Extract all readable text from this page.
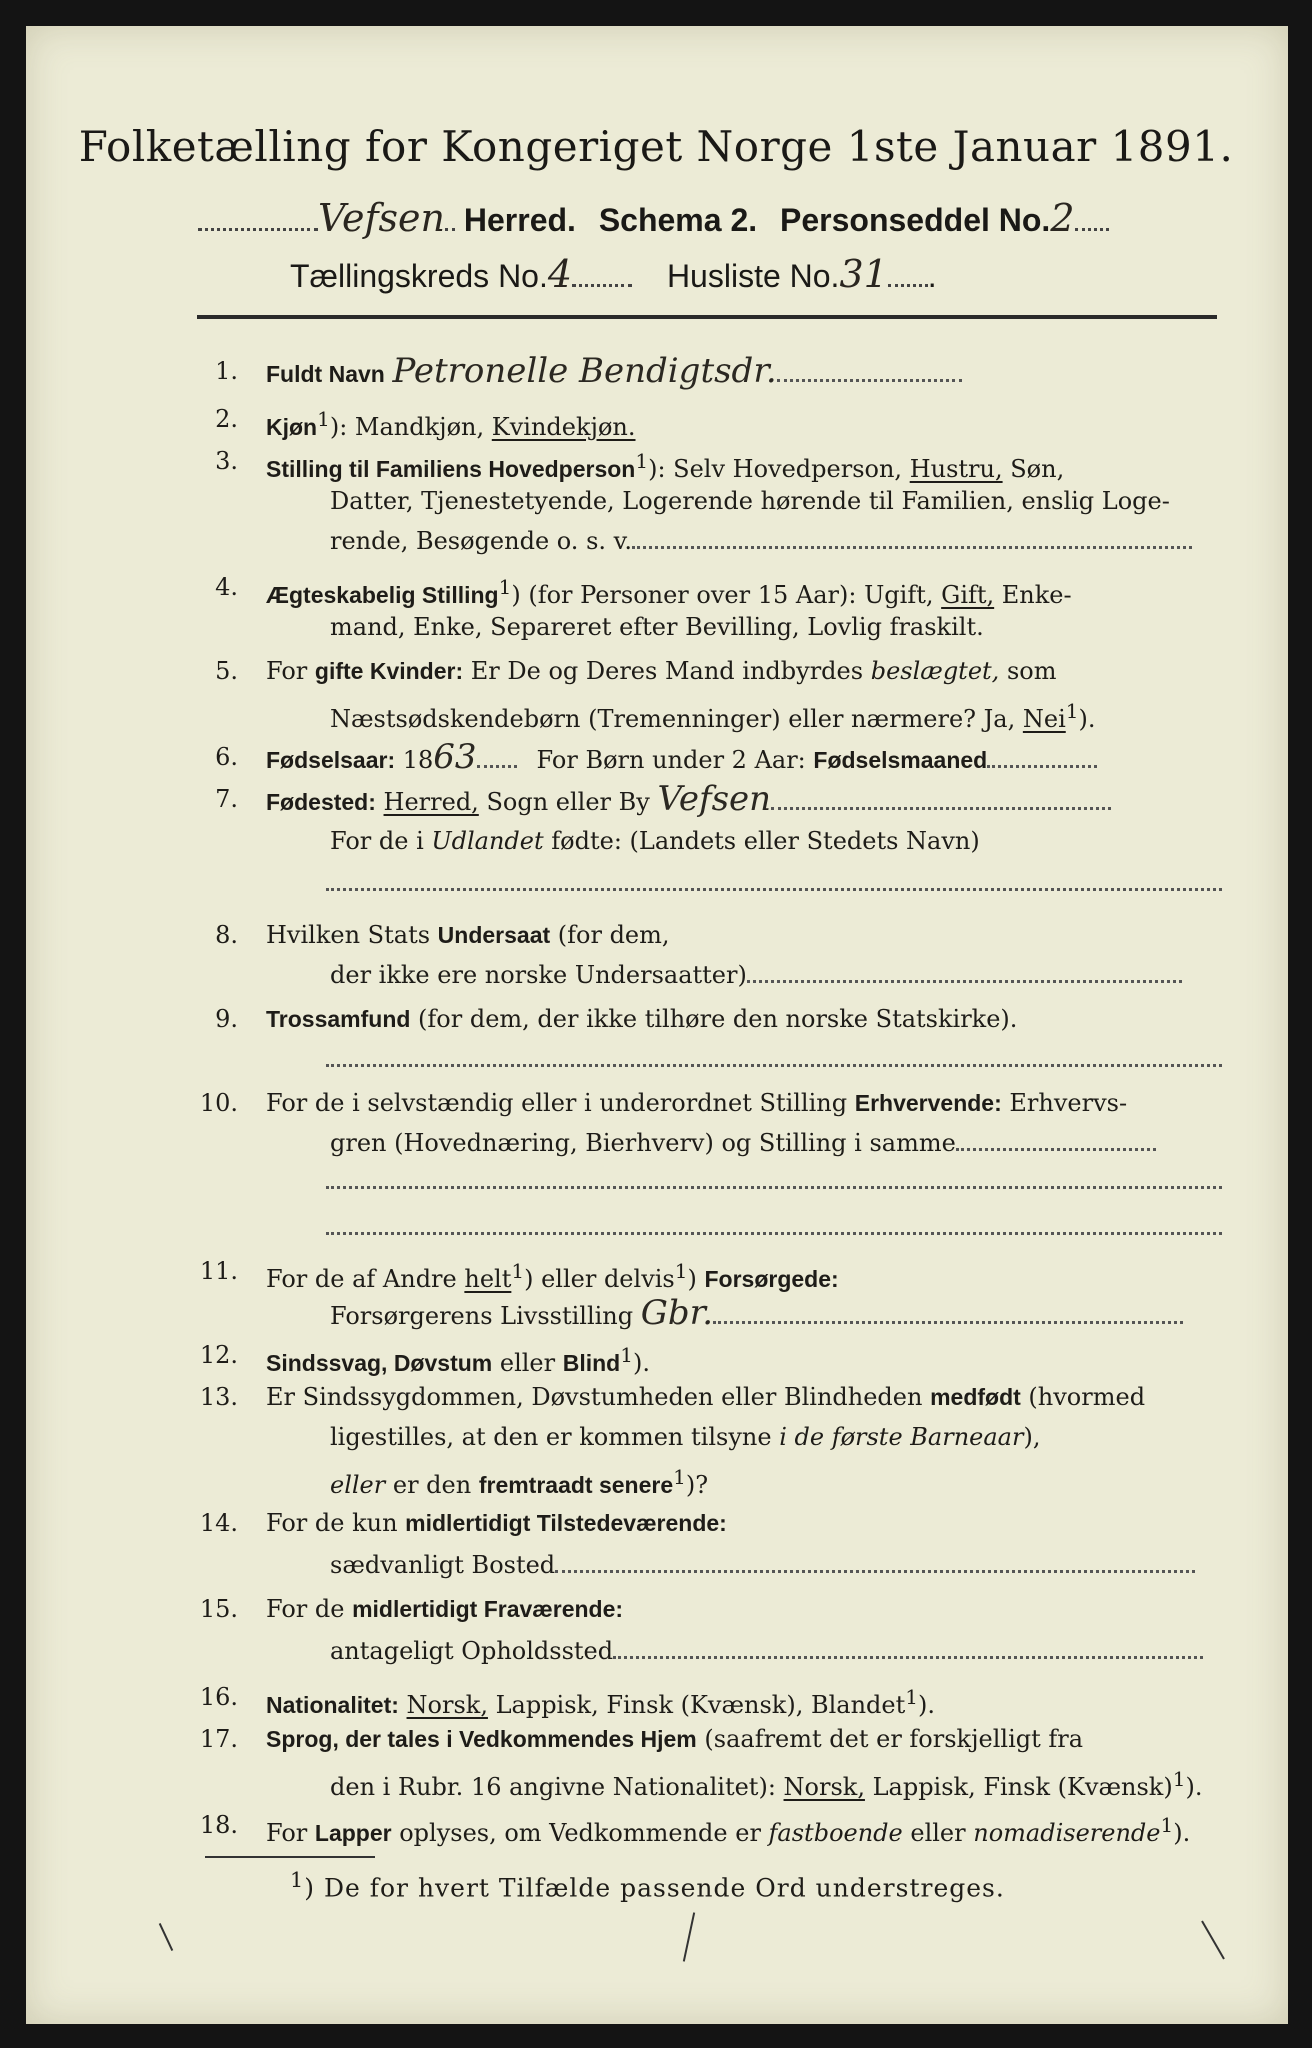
Folketælling for Kongeriget Norge 1ste Januar 1891.
Vefsen Herred. Schema 2. Personseddel No.2
Tællingskreds No.4	Husliste No.31 .
1. Fuldt Navn Petronelle Bendigtsdr.
2. Kjøn$^1$): Mandkjøn, Kvindekjøn.
3. Stilling til Familiens Hovedperson$^1$): Selv Hovedperson, Hustru, Søn,
Datter, Tjenestetyende, Logerende hørende til Familien, enslig Loge-
rende, Besøgende o. s. v.
4. Ægteskabelig Stilling$^1$) (for Personer over 15 Aar): Ugift, Gift, Enke-
mand, Enke, Separeret efter Bevilling, Lovlig fraskilt.
5. For gifte Kvinder: Er De og Deres Mand indbyrdes beslægtet, som
Næstsødskendebørn (Tremenninger) eller nærmere? Ja, Nei$^1$).
6. Fødselsaar: 1863	For Børn under 2 Aar: Fødselsmaaned
7. Fødested: Herred, Sogn eller By Vefsen
For de i Udlandet fødte: (Landets eller Stedets Navn)
8. Hvilken Stats Undersaat (for dem,
der ikke ere norske Undersaatter)
9. Trossamfund (for dem, der ikke tilhøre den norske Statskirke).
10. For de i selvstændig eller i underordnet Stilling Erhvervende: Erhvervs-
gren (Hovednæring, Bierhverv) og Stilling i samme
11. For de af Andre helt$^1$) eller delvis$^1$) Forsørgede:
Forsørgerens Livsstilling Gbr.
12. Sindssvag, Døvstum eller Blind$^1$).
13. Er Sindssygdommen, Døvstumheden eller Blindheden medfødt (hvormed
ligestilles, at den er kommen tilsyne i de første Barneaar),
eller er den fremtraadt senere$^1$)?
14. For de kun midlertidigt Tilstedeværende:
sædvanligt Bosted
15. For de midlertidigt Fraværende:
antageligt Opholdssted
16. Nationalitet: Norsk, Lappisk, Finsk (Kvænsk), Blandet$^1$).
17. Sprog, der tales i Vedkommendes Hjem (saafremt det er forskjelligt fra
den i Rubr. 16 angivne Nationalitet): Norsk, Lappisk, Finsk (Kvænsk)$^1$).
18. For Lapper oplyses, om Vedkommende er fastboende eller nomadiserende$^1$).
$^1$) De for hvert Tilfælde passende Ord understreges.
